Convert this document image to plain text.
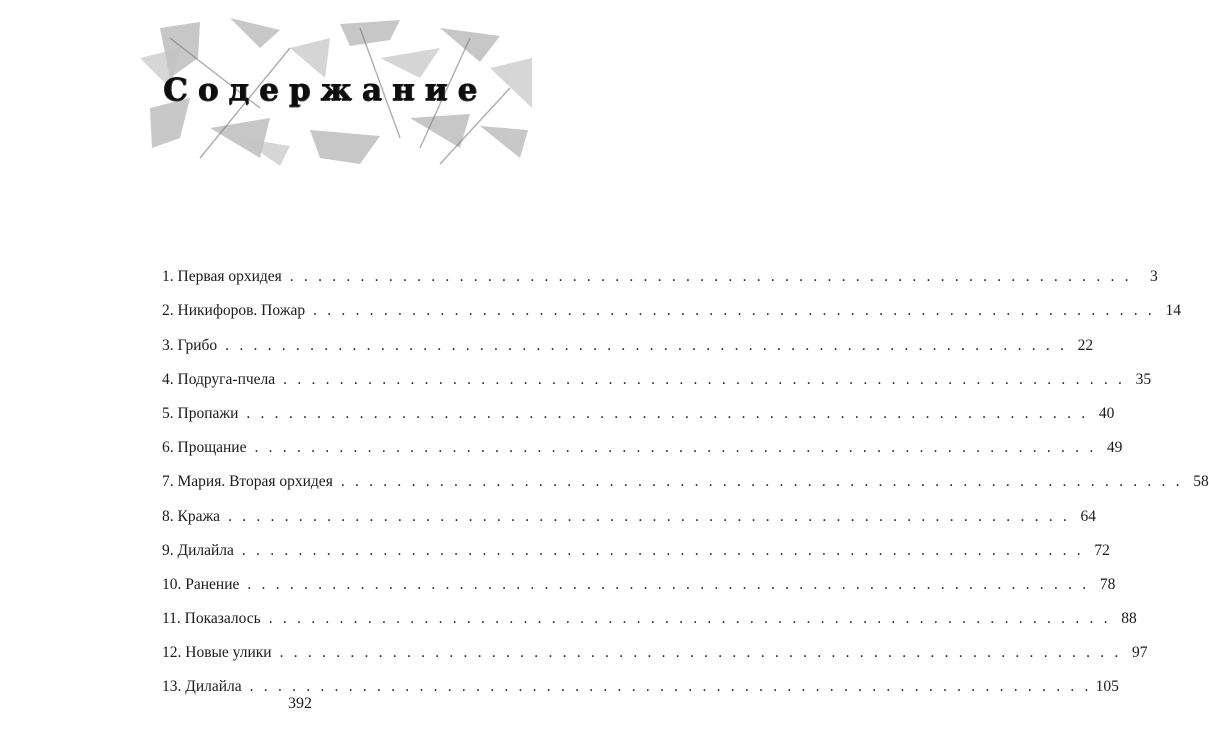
Содержание
1. Первая орхидея . . . . . . . . . . . . . . . . . . . . . . . . . . . . . . . . . . . . . . . . . . . . . . . . . . . . . . . . . . . .	3
2. Никифоров. Пожар . . . . . . . . . . . . . . . . . . . . . . . . . . . . . . . . . . . . . . . . . . . . . . . . . . . . . . . . . . . . 14
3. Грибо . . . . . . . . . . . . . . . . . . . . . . . . . . . . . . . . . . . . . . . . . . . . . . . . . . . . . . . . . . . . 22
4. Подруга-пчела . . . . . . . . . . . . . . . . . . . . . . . . . . . . . . . . . . . . . . . . . . . . . . . . . . . . . . . . . . . . 35
5. Пропажи . . . . . . . . . . . . . . . . . . . . . . . . . . . . . . . . . . . . . . . . . . . . . . . . . . . . . . . . . . . . 40
6. Прощание . . . . . . . . . . . . . . . . . . . . . . . . . . . . . . . . . . . . . . . . . . . . . . . . . . . . . . . . . . . . 49
7. Мария. Вторая орхидея . . . . . . . . . . . . . . . . . . . . . . . . . . . . . . . . . . . . . . . . . . . . . . . . . . . . . . . . . . . . 58
8. Кража . . . . . . . . . . . . . . . . . . . . . . . . . . . . . . . . . . . . . . . . . . . . . . . . . . . . . . . . . . . . 64
9. Дилайла . . . . . . . . . . . . . . . . . . . . . . . . . . . . . . . . . . . . . . . . . . . . . . . . . . . . . . . . . . . . 72
10. Ранение . . . . . . . . . . . . . . . . . . . . . . . . . . . . . . . . . . . . . . . . . . . . . . . . . . . . . . . . . . . . 78
11. Показалось . . . . . . . . . . . . . . . . . . . . . . . . . . . . . . . . . . . . . . . . . . . . . . . . . . . . . . . . . . . . 88
12. Новые улики . . . . . . . . . . . . . . . . . . . . . . . . . . . . . . . . . . . . . . . . . . . . . . . . . . . . . . . . . . . . 97
13. Дилайла . . . . . . . . . . . . . . . . . . . . . . . . . . . . . . . . . . . . . . . . . . . . . . . . . . . . . . . . . . . . 105
392
